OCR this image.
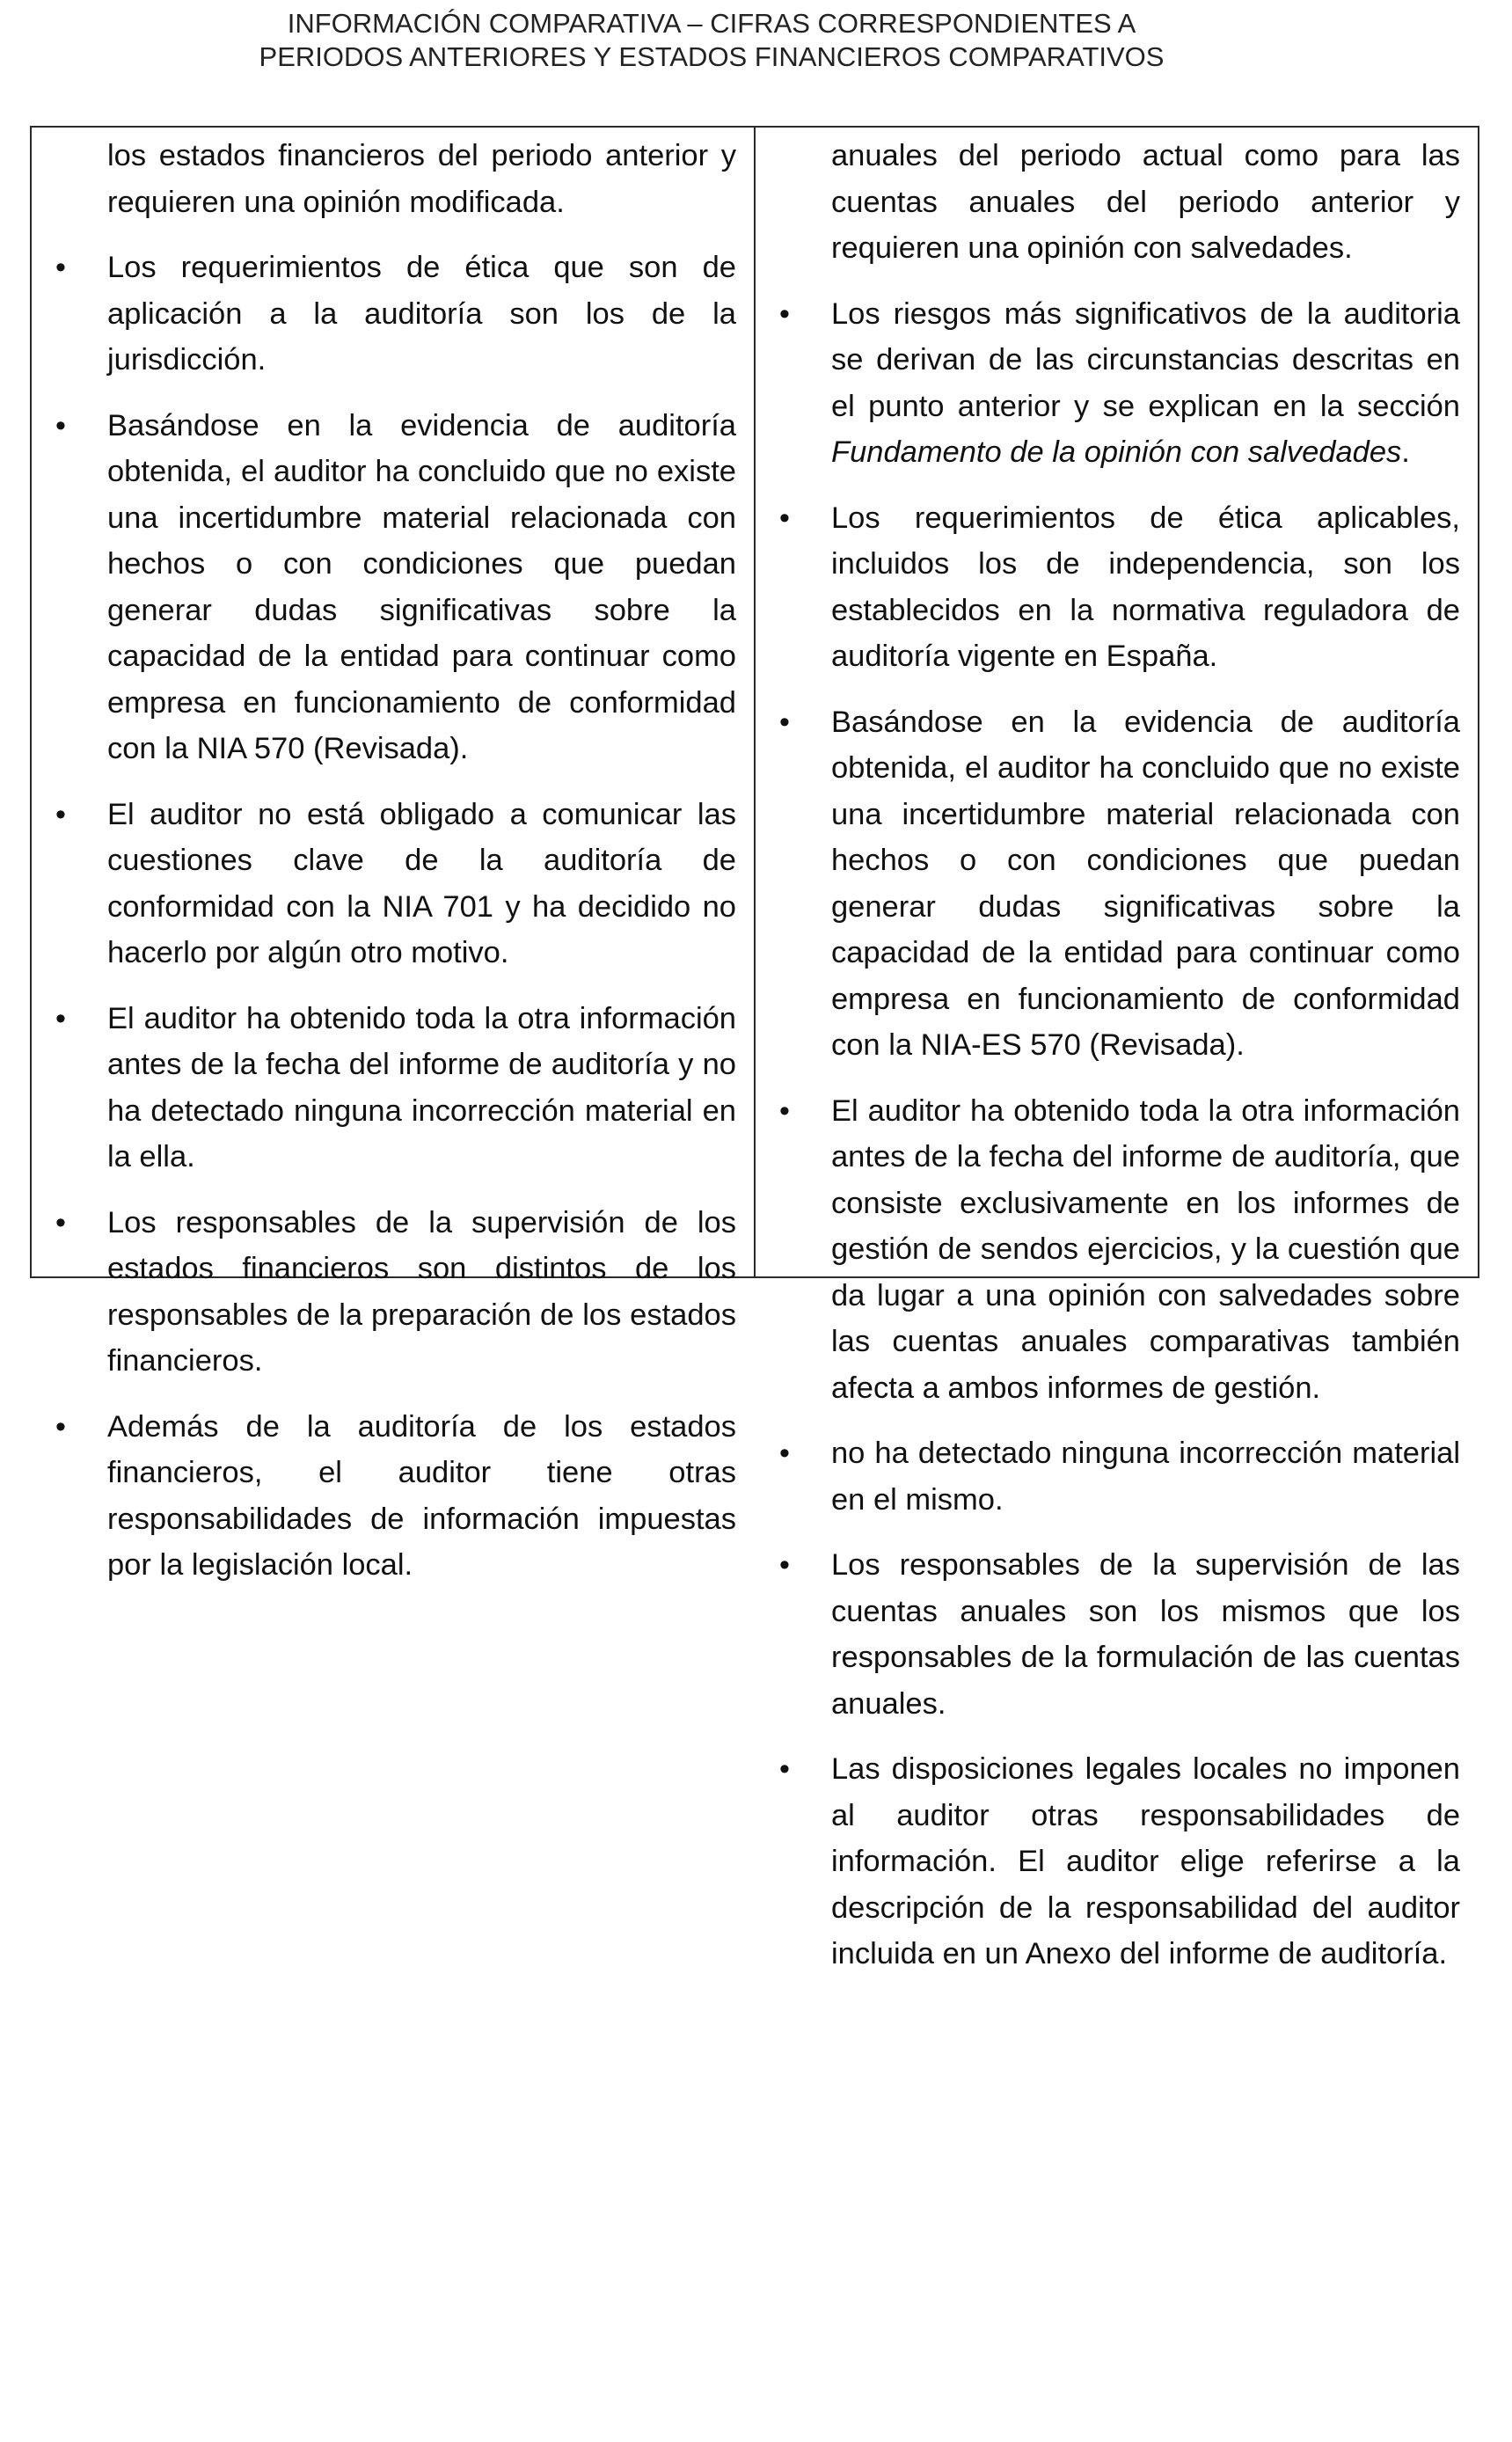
INFORMACIÓN COMPARATIVA – CIFRAS CORRESPONDIENTES A
PERIODOS ANTERIORES Y ESTADOS FINANCIEROS COMPARATIVOS

los estados financieros del periodo anterior y requieren una opinión modificada.

• Los requerimientos de ética que son de aplicación a la auditoría son los de la jurisdicción.

• Basándose en la evidencia de auditoría obtenida, el auditor ha concluido que no existe una incertidumbre material relacionada con hechos o con condiciones que puedan generar dudas significativas sobre la capacidad de la entidad para continuar como empresa en funcionamiento de conformidad con la NIA 570 (Revisada).

• El auditor no está obligado a comunicar las cuestiones clave de la auditoría de conformidad con la NIA 701 y ha decidido no hacerlo por algún otro motivo.

• El auditor ha obtenido toda la otra información antes de la fecha del informe de auditoría y no ha detectado ninguna incorrección material en la ella.

• Los responsables de la supervisión de los estados financieros son distintos de los responsables de la preparación de los estados financieros.

• Además de la auditoría de los estados financieros, el auditor tiene otras responsabilidades de información impuestas por la legislación local.

anuales del periodo actual como para las cuentas anuales del periodo anterior y requieren una opinión con salvedades.

• Los riesgos más significativos de la auditoria se derivan de las circunstancias descritas en el punto anterior y se explican en la sección Fundamento de la opinión con salvedades.

• Los requerimientos de ética aplicables, incluidos los de independencia, son los establecidos en la normativa reguladora de auditoría vigente en España.

• Basándose en la evidencia de auditoría obtenida, el auditor ha concluido que no existe una incertidumbre material relacionada con hechos o con condiciones que puedan generar dudas significativas sobre la capacidad de la entidad para continuar como empresa en funcionamiento de conformidad con la NIA-ES 570 (Revisada).

• El auditor ha obtenido toda la otra información antes de la fecha del informe de auditoría, que consiste exclusivamente en los informes de gestión de sendos ejercicios, y la cuestión que da lugar a una opinión con salvedades sobre las cuentas anuales comparativas también afecta a ambos informes de gestión.

• no ha detectado ninguna incorrección material en el mismo.

• Los responsables de la supervisión de las cuentas anuales son los mismos que los responsables de la formulación de las cuentas anuales.

• Las disposiciones legales locales no imponen al auditor otras responsabilidades de información. El auditor elige referirse a la descripción de la responsabilidad del auditor incluida en un Anexo del informe de auditoría.
